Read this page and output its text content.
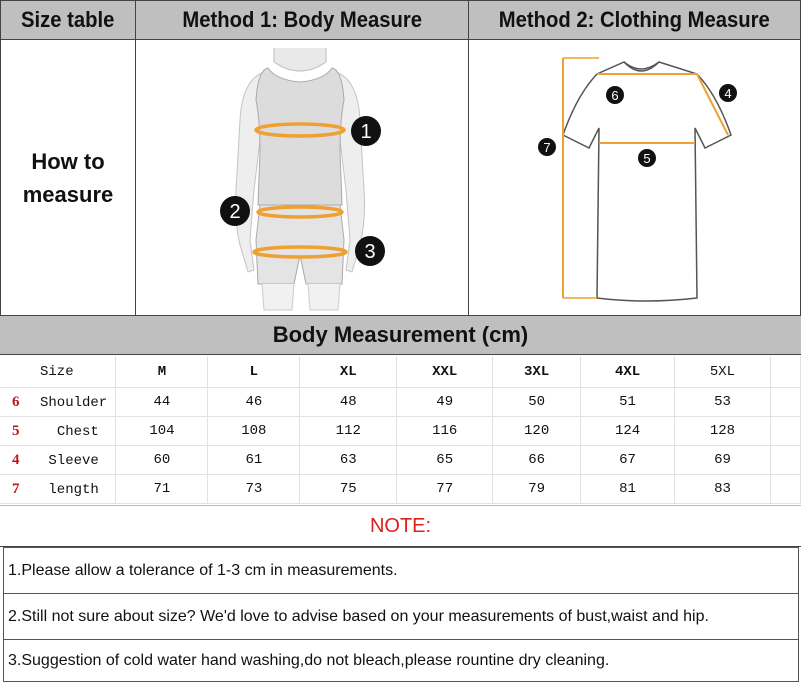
Size table	Method 1: Body Measure	Method 2: Clothing Measure
How to
measure
1
2
3
6	4
7
5
Body Measurement (cm)
Size	M	L	XL	XXL	3XL	4XL	5XL	
6 Shoulder	44	46	48	49	50	51	53	
5 Chest	104	108	112	116	120	124	128	
4 Sleeve	60	61	63	65	66	67	69	
7 length	71	73	75	77	79	81	83	
NOTE:
1.Please allow a tolerance of 1-3 cm in measurements.
2.Still not sure about size? We'd love to advise based on your measurements of bust,waist and hip.
3.Suggestion of cold water hand washing,do not bleach,please rountine dry cleaning.
